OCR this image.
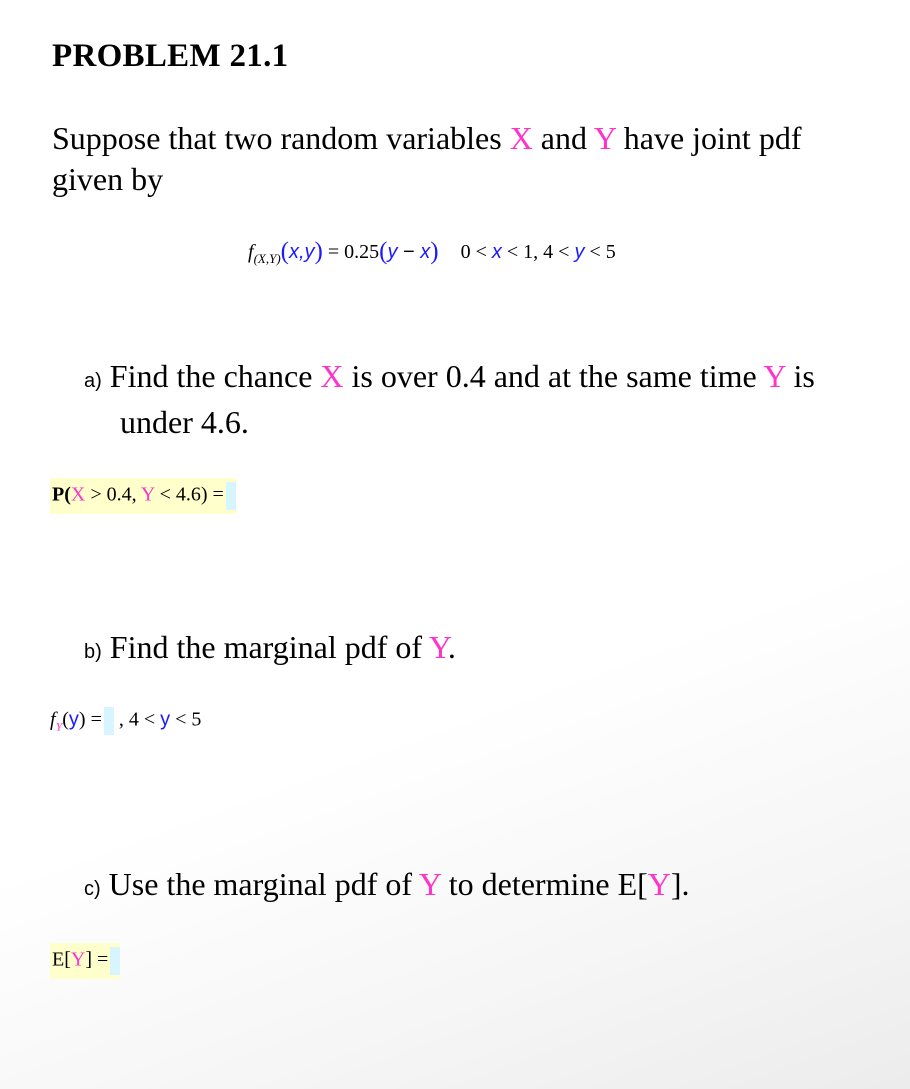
PROBLEM 21.1
Suppose that two random variables X and Y have joint pdf
given by
$f_{(X,Y)}(x,y) = 0.25(y - x) 0 < x < 1$, 4 < y < 5
a) Find the chance X is over 0.4 and at the same time Y is
under 4.6.
P(X > 0.4, Y < 4.6) =
b) Find the marginal pdf of Y.
$f_Y(y)$ = , 4 < y < 5
c) Use the marginal pdf of Y to determine E[Y].
E[Y] =
